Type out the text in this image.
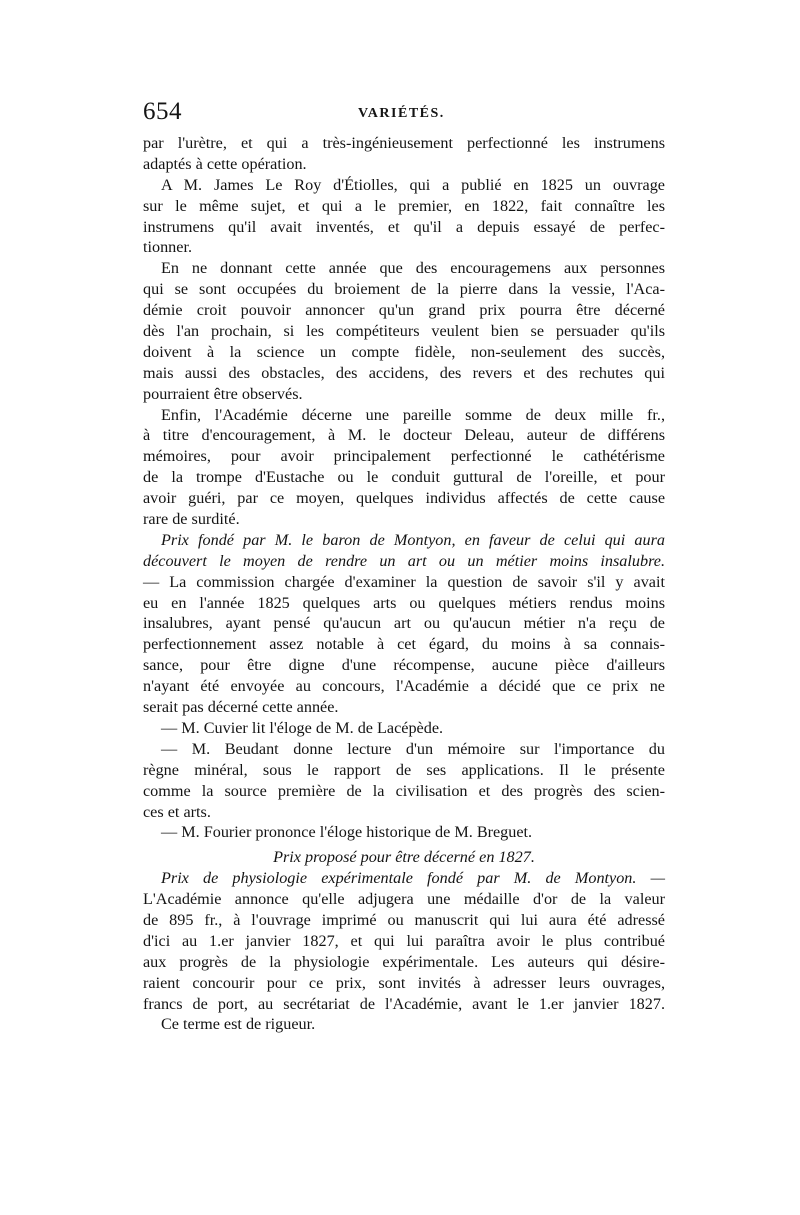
654	VARIÉTÉS.
par l'urètre, et qui a très-ingénieusement perfectionné les instrumens
adaptés à cette opération.
A M. James Le Roy d'Étiolles, qui a publié en 1825 un ouvrage
sur le même sujet, et qui a le premier, en 1822, fait connaître les
instrumens qu'il avait inventés, et qu'il a depuis essayé de perfec-
tionner.
En ne donnant cette année que des encouragemens aux personnes
qui se sont occupées du broiement de la pierre dans la vessie, l'Aca-
démie croit pouvoir annoncer qu'un grand prix pourra être décerné
dès l'an prochain, si les compétiteurs veulent bien se persuader qu'ils
doivent à la science un compte fidèle, non-seulement des succès,
mais aussi des obstacles, des accidens, des revers et des rechutes qui
pourraient être observés.
Enfin, l'Académie décerne une pareille somme de deux mille fr.,
à titre d'encouragement, à M. le docteur Deleau, auteur de différens
mémoires, pour avoir principalement perfectionné le cathétérisme
de la trompe d'Eustache ou le conduit guttural de l'oreille, et pour
avoir guéri, par ce moyen, quelques individus affectés de cette cause
rare de surdité.
Prix fondé par M. le baron de Montyon, en faveur de celui qui aura
découvert le moyen de rendre un art ou un métier moins insalubre.
— La commission chargée d'examiner la question de savoir s'il y avait
eu en l'année 1825 quelques arts ou quelques métiers rendus moins
insalubres, ayant pensé qu'aucun art ou qu'aucun métier n'a reçu de
perfectionnement assez notable à cet égard, du moins à sa connais-
sance, pour être digne d'une récompense, aucune pièce d'ailleurs
n'ayant été envoyée au concours, l'Académie a décidé que ce prix ne
serait pas décerné cette année.
— M. Cuvier lit l'éloge de M. de Lacépède.
— M. Beudant donne lecture d'un mémoire sur l'importance du
règne minéral, sous le rapport de ses applications. Il le présente
comme la source première de la civilisation et des progrès des scien-
ces et arts.
— M. Fourier prononce l'éloge historique de M. Breguet.
Prix proposé pour être décerné en 1827.
Prix de physiologie expérimentale fondé par M. de Montyon. —
L'Académie annonce qu'elle adjugera une médaille d'or de la valeur
de 895 fr., à l'ouvrage imprimé ou manuscrit qui lui aura été adressé
d'ici au 1.er janvier 1827, et qui lui paraîtra avoir le plus contribué
aux progrès de la physiologie expérimentale. Les auteurs qui désire-
raient concourir pour ce prix, sont invités à adresser leurs ouvrages,
francs de port, au secrétariat de l'Académie, avant le 1.er janvier 1827.
Ce terme est de rigueur.
